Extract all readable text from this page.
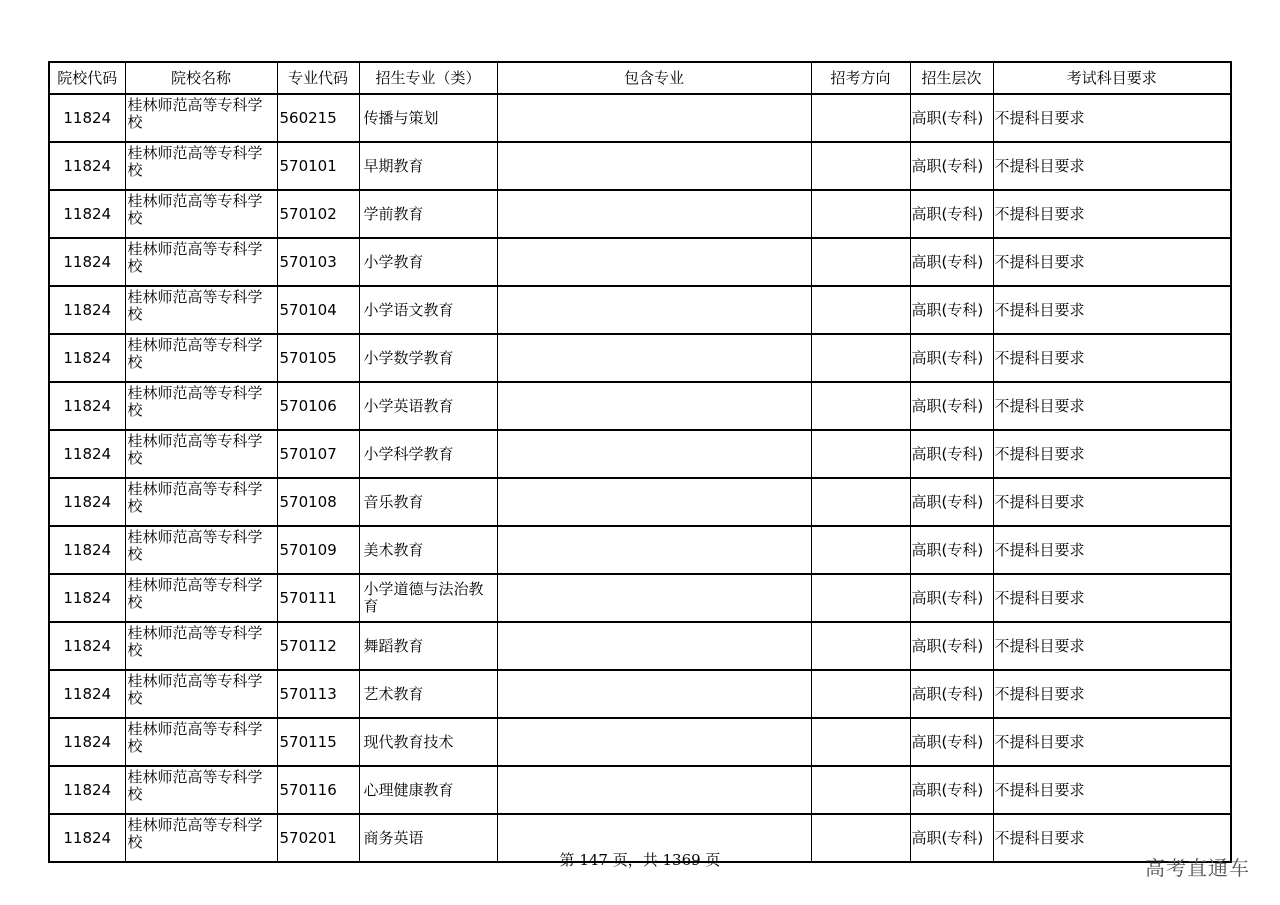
院校代码	院校名称	专业代码	招生专业（类）	包含专业	招考方向	招生层次	考试科目要求
11824	桂林师范高等专科学校	560215	传播与策划			高职(专科)	不提科目要求
11824	桂林师范高等专科学校	570101	早期教育			高职(专科)	不提科目要求
11824	桂林师范高等专科学校	570102	学前教育			高职(专科)	不提科目要求
11824	桂林师范高等专科学校	570103	小学教育			高职(专科)	不提科目要求
11824	桂林师范高等专科学校	570104	小学语文教育			高职(专科)	不提科目要求
11824	桂林师范高等专科学校	570105	小学数学教育			高职(专科)	不提科目要求
11824	桂林师范高等专科学校	570106	小学英语教育			高职(专科)	不提科目要求
11824	桂林师范高等专科学校	570107	小学科学教育			高职(专科)	不提科目要求
11824	桂林师范高等专科学校	570108	音乐教育			高职(专科)	不提科目要求
11824	桂林师范高等专科学校	570109	美术教育			高职(专科)	不提科目要求
11824	桂林师范高等专科学校	570111	小学道德与法治教育			高职(专科)	不提科目要求
11824	桂林师范高等专科学校	570112	舞蹈教育			高职(专科)	不提科目要求
11824	桂林师范高等专科学校	570113	艺术教育			高职(专科)	不提科目要求
11824	桂林师范高等专科学校	570115	现代教育技术			高职(专科)	不提科目要求
11824	桂林师范高等专科学校	570116	心理健康教育			高职(专科)	不提科目要求
11824	桂林师范高等专科学校	570201	商务英语			高职(专科)	不提科目要求
第 147 页，共 1369 页	高考直通车
